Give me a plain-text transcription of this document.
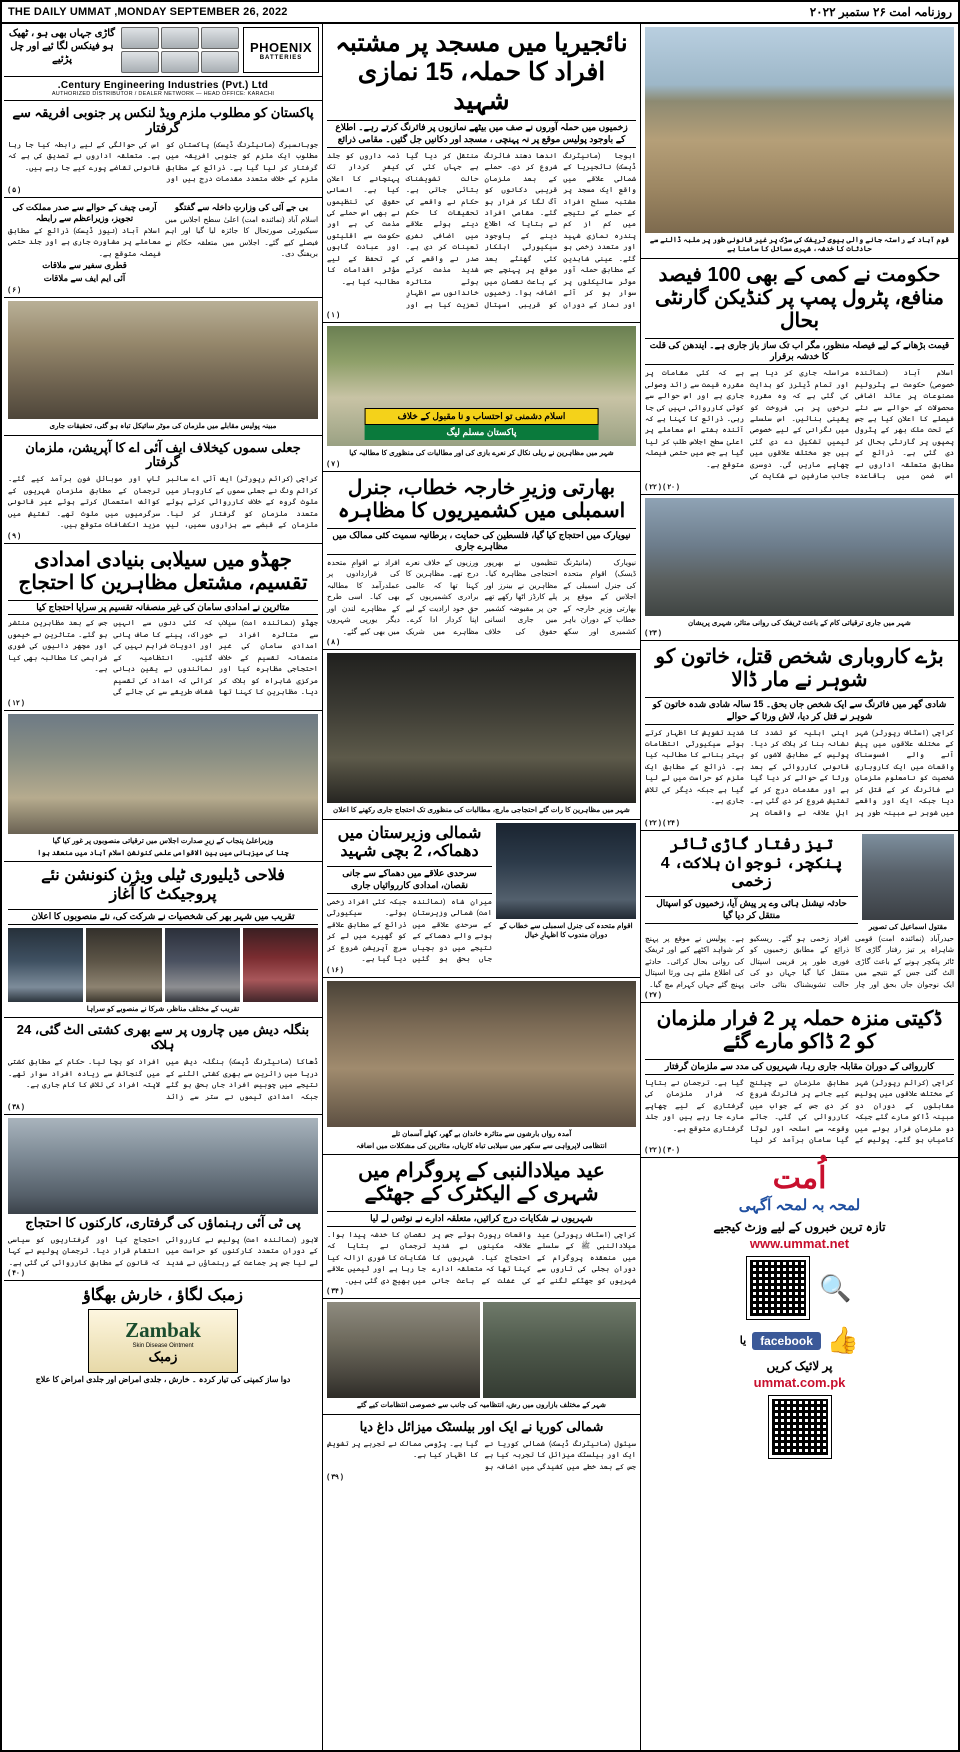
THE DAILY UMMAT ,MONDAY SEPTEMBER 26, 2022	روزنامہ امت ۲۶ ستمبر ۲۰۲۲
قوم آباد کے راستہ جانے والی ہیوی ٹریفک کی سڑک پر غیر قانونی طور پر ملبہ ڈالنے سے حادثات کا خدشہ، شہری مسائل کا سامنا ہے
حکومت نے کمی کے بھی 100 فیصد منافع، پٹرول پمپ پر کنڈیکن گارنٹی بحال
قیمت بڑھانے کے لیے فیصلہ منظور، مگر اب تک ساز باز جاری ہے۔ ایندھن کی قلت کا خدشہ برقرار
اسلام آباد (نمائندہ خصوصی) حکومت نے پٹرولیم مصنوعات پر عائد اضافی محصولات کے حوالے سے نئے فیصلے کا اعلان کیا ہے جس کے تحت ملک بھر کے پٹرول پمپوں پر گارنٹی بحال کر دی گئی ہے۔ ذرائع کے مطابق متعلقہ اداروں نے اس ضمن میں باقاعدہ مراسلہ جاری کر دیا ہے اور تمام ڈیلرز کو ہدایت کی گئی ہے کہ وہ مقررہ نرخوں پر ہی فروخت کو یقینی بنائیں۔ اس سلسلے میں نگرانی کے لیے خصوصی ٹیمیں تشکیل دے دی گئی ہیں جو مختلف علاقوں میں چھاپے ماریں گی۔ دوسری جانب صارفین نے شکایت کی ہے کہ کئی مقامات پر مقررہ قیمت سے زائد وصولی جاری ہے اور اس حوالے سے کوئی کارروائی نہیں کی جا رہی۔ ذرائع کا کہنا ہے کہ آئندہ ہفتے اس معاملے پر اعلیٰ سطح اجلاس طلب کر لیا گیا ہے جس میں حتمی فیصلہ متوقع ہے۔
( ۲۰ ) ( ۲۲ )
شہر میں جاری ترقیاتی کام کے باعث ٹریفک کی روانی متاثر، شہری پریشان
( ۲۳ )
بڑے کاروباری شخص قتل، خاتون کو شوہر نے مار ڈالا
شادی گھر میں فائرنگ سے ایک شخص جاں بحق۔ 15 سالہ شادی شدہ خاتون کو شوہر نے قتل کر دیا، لاش ورثا کے حوالے
کراچی (اسٹاف رپورٹر) شہر کے مختلف علاقوں میں پیش آنے والے افسوسناک واقعات میں ایک کاروباری شخصیت کو نامعلوم ملزمان نے فائرنگ کر کے قتل کر دیا جبکہ ایک اور واقعے میں شوہر نے مبینہ طور پر اپنی اہلیہ کو تشدد کا نشانہ بنا کر ہلاک کر دیا۔ پولیس کے مطابق لاشوں کو قانونی کارروائی کے بعد ورثا کے حوالے کر دیا گیا ہے اور مقدمات درج کر کے تفتیش شروع کر دی گئی ہے۔ اہلِ علاقہ نے واقعات پر شدید تشویش کا اظہار کرتے ہوئے سیکیورٹی انتظامات بہتر بنانے کا مطالبہ کیا ہے۔ ذرائع کے مطابق ایک ملزم کو حراست میں لے لیا گیا ہے جبکہ دیگر کی تلاش جاری ہے۔
( ۲۴ ) ( ۲۲ )
مقتول اسماعیل کی تصویر
تیز رفتار گاڑی ٹائر پنکچر، نوجوان ہلاکت، 4 زخمی
حادثہ نیشنل ہائی وے پر پیش آیا، زخمیوں کو اسپتال منتقل کر دیا گیا
حیدرآباد (نمائندہ امت) قومی شاہراہ پر تیز رفتار گاڑی کا ٹائر پنکچر ہونے کے باعث گاڑی الٹ گئی جس کے نتیجے میں ایک نوجوان جاں بحق اور چار افراد زخمی ہو گئے۔ ریسکیو ذرائع کے مطابق زخمیوں کو فوری طور پر قریبی اسپتال منتقل کیا گیا جہاں دو کی حالت تشویشناک بتائی جاتی ہے۔ پولیس نے موقع پر پہنچ کر شواہد اکٹھے کیے اور ٹریفک کی روانی بحال کرائی۔ حادثے کی اطلاع ملتے ہی ورثا اسپتال پہنچ گئے جہاں کہرام مچ گیا۔
( ۲۷ )
ڈکیتی منزہ حملہ پر 2 فرار ملزمان کو 2 ڈاکو مارے گئے
کارروائی کے دوران مقابلہ جاری رہا، شہریوں کی مدد سے ملزمان گرفتار
کراچی (کرائم رپورٹر) شہر کے مختلف علاقوں میں پولیس مقابلوں کے دوران دو مبینہ ڈاکو مارے گئے جبکہ دو ملزمان فرار ہونے میں کامیاب ہو گئے۔ پولیس کے مطابق ملزمان نے چیلنج کیے جانے پر فائرنگ شروع کر دی جس کے جواب میں کارروائی کی گئی۔ جائے وقوعہ سے اسلحہ اور لوٹا گیا سامان برآمد کر لیا گیا ہے۔ ترجمان نے بتایا کہ فرار ملزمان کی گرفتاری کے لیے چھاپے مارے جا رہے ہیں اور جلد گرفتاری متوقع ہے۔
( ۳۰ ) ( ۲۲ )
اُمت
لمحہ بہ لمحہ آگہی
تازہ ترین خبروں کے لیے وزٹ کیجیے
www.ummat.net
🔍
👍
facebook
یا
پر لائیک کریں
ummat.com.pk
نائجیریا میں مسجد پر مشتبہ افراد کا حملہ، 15 نمازی شہید
زخمیوں میں حملہ آوروں نے صف میں بیٹھے نمازیوں پر فائرنگ کرتے رہے۔ اطلاع کے باوجود پولیس موقع پر نہ پہنچی ، مسجد اور دکانیں جل گئیں۔ مقامی ذرائع
ابوجا (مانیٹرنگ ڈیسک) نائجیریا کے شمالی علاقے میں واقع ایک مسجد پر مشتبہ مسلح افراد کے حملے کے نتیجے میں کم از کم پندرہ نمازی شہید اور متعدد زخمی ہو گئے۔ عینی شاہدین کے مطابق حملہ آور موٹر سائیکلوں پر سوار ہو کر آئے اور نماز کے دوران اندھا دھند فائرنگ شروع کر دی۔ حملے کے بعد ملزمان قریبی دکانوں کو آگ لگا کر فرار ہو گئے۔ مقامی افراد نے بتایا کہ اطلاع دینے کے باوجود سیکیورٹی اہلکار کئی گھنٹے بعد موقع پر پہنچے جس کے باعث نقصان میں اضافہ ہوا۔ زخمیوں کو قریبی اسپتال منتقل کر دیا گیا ہے جہاں کئی کی حالت تشویشناک بتائی جاتی ہے۔ حکام نے واقعے کی تحقیقات کا حکم دیتے ہوئے علاقے میں اضافی نفری تعینات کر دی ہے۔ صدر نے واقعے کی شدید مذمت کرتے ہوئے متاثرہ خاندانوں سے اظہارِ تعزیت کیا ہے اور ذمہ داروں کو جلد کیفرِ کردار تک پہنچانے کا اعلان کیا ہے۔ انسانی حقوق کی تنظیموں نے بھی اس حملے کی مذمت کی ہے اور حکومت سے اقلیتوں اور عبادت گاہوں کے تحفظ کے لیے مؤثر اقدامات کا مطالبہ کیا ہے۔
( ۱ )
اسلام دشمنی تو احتساب و نا مقبول کے خلاف
پاکستان مسلم لیگ
شہر میں مظاہرین نے ریلی نکال کر نعرے بازی کی اور مطالبات کی منظوری کا مطالبہ کیا
( ۷ )
بھارتی وزیرِ خارجہ خطاب، جنرل اسمبلی میں کشمیریوں کا مظاہرہ
نیویارک میں احتجاج کیا گیا، فلسطین کی حمایت ، برطانیہ سمیت کئی ممالک میں مظاہرے جاری
نیویارک (مانیٹرنگ ڈیسک) اقوامِ متحدہ کی جنرل اسمبلی کے اجلاس کے موقع پر بھارتی وزیرِ خارجہ کے خطاب کے دوران باہر کشمیری اور سکھ تنظیموں نے بھرپور احتجاجی مظاہرہ کیا۔ مظاہرین نے بینرز اور پلے کارڈز اٹھا رکھے تھے جن پر مقبوضہ کشمیر میں جاری انسانی حقوق کی خلاف ورزیوں کے خلاف نعرے درج تھے۔ مظاہرین کا کہنا تھا کہ عالمی برادری کشمیریوں کے حقِ خود ارادیت کے لیے اپنا کردار ادا کرے۔ مظاہرے میں شریک افراد نے اقوامِ متحدہ کی قراردادوں پر عملدرآمد کا مطالبہ بھی کیا۔ اسی طرح کے مظاہرے لندن اور دیگر یورپی شہروں میں بھی کیے گئے۔
( ۸ )
شہر میں مظاہرین کا رات گئے احتجاجی مارچ، مطالبات کی منظوری تک احتجاج جاری رکھنے کا اعلان
اقوام متحدہ کی جنرل اسمبلی سے خطاب کے دوران مندوب کا اظہارِ خیال
شمالی وزیرستان میں دھماکہ، 2 بچی شہید
سرحدی علاقے میں دھماکے سے جانی نقصان، امدادی کارروائیاں جاری
میران شاہ (نمائندہ امت) شمالی وزیرستان کے سرحدی علاقے میں ہونے والے دھماکے کے نتیجے میں دو بچیاں جاں بحق ہو گئیں جبکہ کئی افراد زخمی ہوئے۔ سیکیورٹی ذرائع کے مطابق علاقے کو گھیرے میں لے کر سرچ آپریشن شروع کر دیا گیا ہے۔
( ۱۶ )
آمدہ رواں بارشوں سے متاثرہ خاندان بے گھر، کھلے آسمان تلے
انتظامی لاپرواہی سے سکھر میں سیلابی تباہ کاریاں، متاثرین کی مشکلات میں اضافہ
عید میلادالنبی کے پروگرام میں شہری کے الیکٹرک کے جھٹکے
شہریوں نے شکایات درج کرائیں، متعلقہ ادارے نے نوٹس لے لیا
کراچی (اسٹاف رپورٹر) عید میلادالنبی ﷺ کے سلسلے میں منعقدہ پروگرام کے دوران بجلی کی تاروں سے شہریوں کو جھٹکے لگنے کے واقعات رپورٹ ہوئے جس پر علاقہ مکینوں نے شدید احتجاج کیا۔ شہریوں کا کہنا تھا کہ متعلقہ ادارے کی غفلت کے باعث جانی نقصان کا خدشہ پیدا ہوا۔ ترجمان نے بتایا کہ شکایات کا فوری ازالہ کیا جا رہا ہے اور ٹیمیں علاقے میں بھیج دی گئی ہیں۔
( ۳۴ )
شہر کے مختلف بازاروں میں رش، انتظامیہ کی جانب سے خصوصی انتظامات کیے گئے
شمالی کوریا نے ایک اور بیلسٹک میزائل داغ دیا
سیئول (مانیٹرنگ ڈیسک) شمالی کوریا نے ایک اور بیلسٹک میزائل کا تجربہ کیا ہے جس کے بعد خطے میں کشیدگی میں اضافہ ہو گیا ہے۔ پڑوسی ممالک نے تجربے پر تشویش کا اظہار کیا ہے۔
( ۳۹ )
PHOENIX
BATTERIES
گاڑی جہاں بھی ہو ، ٹھیک ہو فینکس لگا ئیے اور چل پڑئیے
Century Engineering Industries (Pvt.) Ltd.
AUTHORIZED DISTRIBUTOR / DEALER NETWORK — HEAD OFFICE: KARACHI
پاکستان کو مطلوب ملزم ویڈ لنکس پر جنوبی افریقہ سے گرفتار
جوہانسبرگ (مانیٹرنگ ڈیسک) پاکستان کو مطلوب ایک ملزم کو جنوبی افریقہ میں گرفتار کر لیا گیا ہے۔ ذرائع کے مطابق ملزم کے خلاف متعدد مقدمات درج ہیں اور اس کی حوالگی کے لیے رابطہ کیا جا رہا ہے۔ متعلقہ اداروں نے تصدیق کی ہے کہ قانونی تقاضے پورے کیے جا رہے ہیں۔
( ۵ )
بی جے آئی کی وزارتِ داخلہ سے گفتگو
اسلام آباد (نمائندہ امت) اعلیٰ سطح اجلاس میں سیکیورٹی صورتحال کا جائزہ لیا گیا اور اہم فیصلے کیے گئے۔ اجلاس میں متعلقہ حکام نے بریفنگ دی۔
آرمی چیف کے حوالے سے صدر مملکت کی تجویز، وزیراعظم سے رابطہ
اسلام آباد (نیوز ڈیسک) ذرائع کے مطابق معاملے پر مشاورت جاری ہے اور جلد حتمی فیصلہ متوقع ہے۔
قطری سفیر سے ملاقات
آئی ایم ایف سے ملاقات
( ۶ )
مبینہ پولیس مقابلے میں ملزمان کی موٹر سائیکل تباہ ہو گئی، تحقیقات جاری
جعلی سموں کیخلاف ایف آئی اے کا آپریشن، ملزمان گرفتار
کراچی (کرائم رپورٹر) ایف آئی اے سائبر کرائم ونگ نے جعلی سموں کے کاروبار میں ملوث گروہ کے خلاف کارروائی کرتے ہوئے متعدد ملزمان کو گرفتار کر لیا۔ ملزمان کے قبضے سے ہزاروں سمیں، لیپ ٹاپ اور موبائل فون برآمد کیے گئے۔ ترجمان کے مطابق ملزمان شہریوں کے کوائف استعمال کرتے ہوئے غیر قانونی سرگرمیوں میں ملوث تھے۔ تفتیش میں مزید انکشافات متوقع ہیں۔
( ۹ )
جھڈو میں سیلابی بنیادی امدادی تقسیم، مشتعل مظاہرین کا احتجاج
متاثرین نے امدادی سامان کی غیر منصفانہ تقسیم پر سراپا احتجاج کیا
جھڈو (نمائندہ امت) سیلاب سے متاثرہ افراد نے امدادی سامان کی غیر منصفانہ تقسیم کے خلاف احتجاجی مظاہرہ کیا اور مرکزی شاہراہ کو بلاک کر دیا۔ مظاہرین کا کہنا تھا کہ کئی دنوں سے انہیں خوراک، پینے کا صاف پانی اور ادویات فراہم نہیں کی گئیں۔ انتظامیہ کے نمائندوں نے یقین دہانی کرائی کہ امداد کی تقسیم شفاف طریقے سے کی جائے گی جس کے بعد مظاہرین منتشر ہو گئے۔ متاثرین نے خیموں اور مچھر دانیوں کی فوری فراہمی کا مطالبہ بھی کیا ہے۔
( ۱۲ )
وزیراعلیٰ پنجاب کے زیرِ صدارت اجلاس میں ترقیاتی منصوبوں پر غور کیا گیا
چنا کی میزبانی میں بین الاقوامی علمی کنونشن اسلام آباد میں منعقد ہوا
فلاحی ڈیلیوری ٹیلی ویژن کنونشن نئے پروجیکٹ کا آغاز
تقریب میں شہر بھر کی شخصیات نے شرکت کی، نئے منصوبوں کا اعلان
تقریب کے مختلف مناظر، شرکا نے منصوبے کو سراہا
بنگلہ دیش میں چاروں پر سے بھری کشتی الٹ گئی، 24 ہلاک
ڈھاکا (مانیٹرنگ ڈیسک) بنگلہ دیش میں دریا میں زائرین سے بھری کشتی الٹنے کے نتیجے میں چوبیس افراد جاں بحق ہو گئے جبکہ امدادی ٹیموں نے ستر سے زائد افراد کو بچا لیا۔ حکام کے مطابق کشتی میں گنجائش سے زیادہ افراد سوار تھے۔ لاپتہ افراد کی تلاش کا کام جاری ہے۔
( ۳۸ )
پی ٹی آئی رہنماؤں کی گرفتاری، کارکنوں کا احتجاج
لاہور (نمائندہ امت) پولیس نے کارروائی کے دوران متعدد کارکنوں کو حراست میں لے لیا جس پر جماعت کے رہنماؤں نے شدید احتجاج کیا اور گرفتاریوں کو سیاسی انتقام قرار دیا۔ ترجمان پولیس نے کہا کہ قانون کے مطابق کارروائی کی گئی ہے۔
( ۴۰ )
زمبک لگاؤ ، خارش بھگاؤ
Zambak
Skin Disease Ointment
زمبک
دوا ساز کمپنی کی تیار کردہ ۔ خارش ، جلدی امراض اور جلدی امراض کا علاج
